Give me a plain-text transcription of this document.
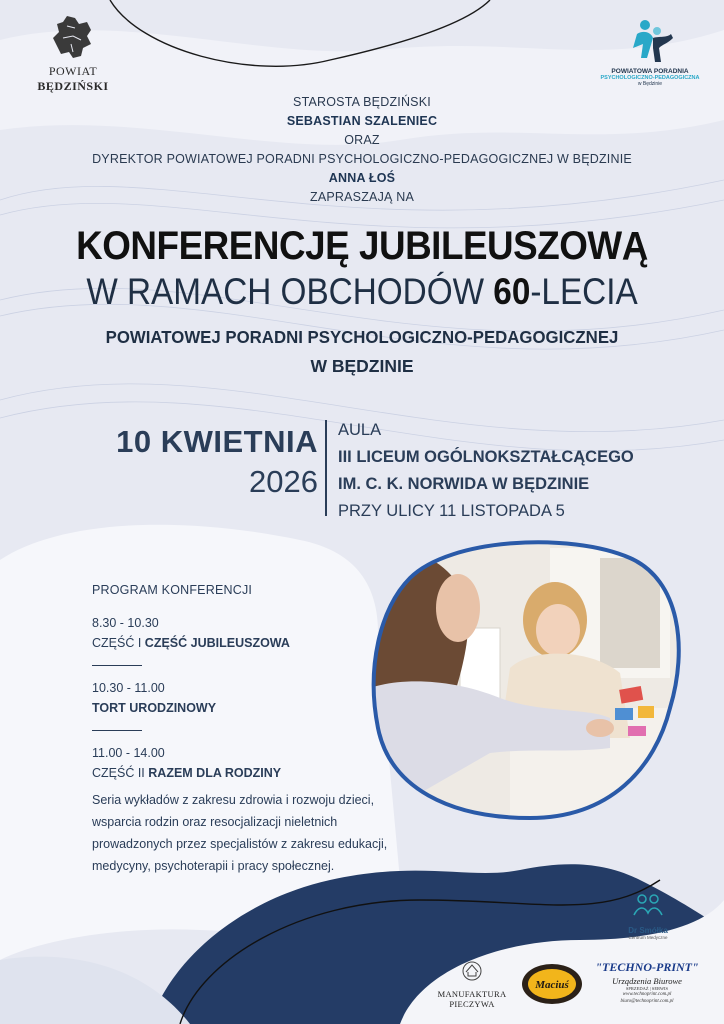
POWIAT
BĘDZIŃSKI
POWIATOWA PORADNIA
PSYCHOLOGICZNO-PEDAGOGICZNA
w Będzinie
STAROSTA BĘDZIŃSKI
SEBASTIAN SZALENIEC
ORAZ
DYREKTOR POWIATOWEJ PORADNI PSYCHOLOGICZNO-PEDAGOGICZNEJ W BĘDZINIE
ANNA ŁOŚ
ZAPRASZAJĄ NA
KONFERENCJĘ JUBILEUSZOWĄ
W RAMACH OBCHODÓW 60-LECIA
POWIATOWEJ PORADNI PSYCHOLOGICZNO-PEDAGOGICZNEJ
W BĘDZINIE
10 KWIETNIA
2026
AULA
III LICEUM OGÓLNOKSZTAŁCĄCEGO
IM. C. K. NORWIDA W BĘDZINIE
PRZY ULICY 11 LISTOPADA 5
PROGRAM KONFERENCJI
8.30 - 10.30
CZĘŚĆ I CZĘŚĆ JUBILEUSZOWA
10.30 - 11.00
TORT URODZINOWY
11.00 - 14.00
CZĘŚĆ II RAZEM DLA RODZINY
Seria wykładów z zakresu zdrowia i rozwoju dzieci, wsparcia rodzin oraz resocjalizacji nieletnich prowadzonych przez specjalistów z zakresu edukacji, medycyny, psychoterapii i pracy społecznej.
Dr Smółka
Centrum Medyczne
MANUFAKTURA PIECZYWA
Maciuś
"TECHNO-PRINT"
Urządzenia Biurowe
SPRZEDAŻ | SERWIS
www.technoprint.com.pl
biuro@technoprint.com.pl
